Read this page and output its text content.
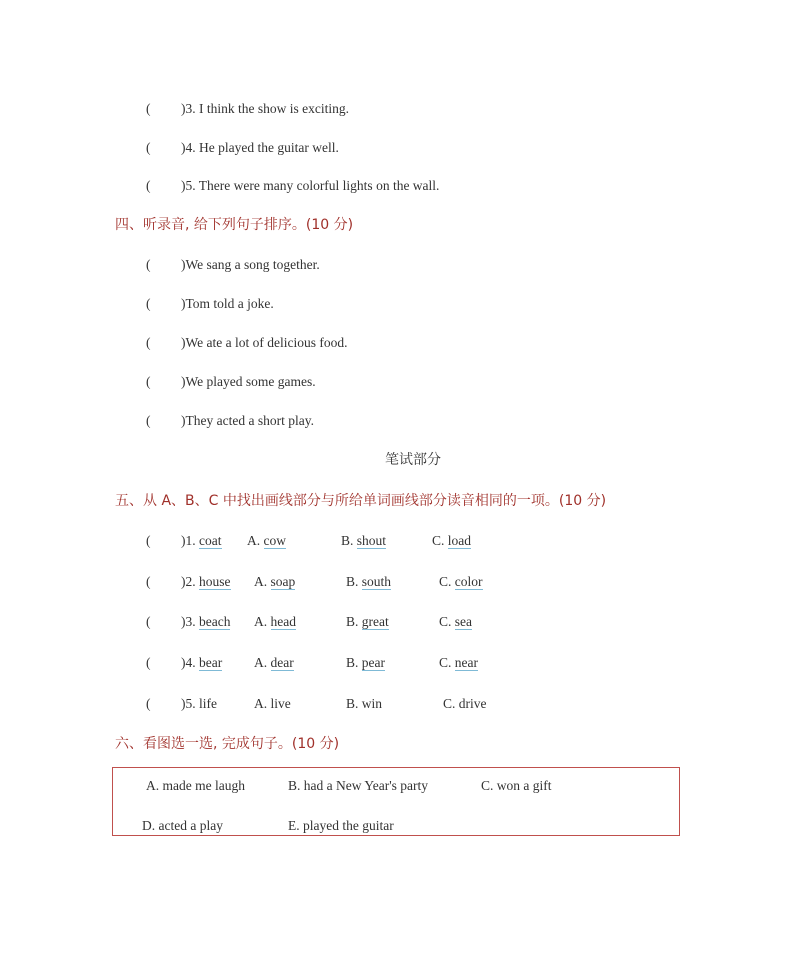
( )3. I think the show is exciting.
( )4. He played the guitar well.
( )5. There were many colorful lights on the wall.
四、听录音, 给下列句子排序。(10 分)
( )We sang a song together.
( )Tom told a joke.
( )We ate a lot of delicious food.
( )We played some games.
( )They acted a short play.
笔试部分
五、从 A、B、C 中找出画线部分与所给单词画线部分读音相同的一项。(10 分)
( )1. coat A. cow	B. shout	C. load
( )2. house A. soap	B. south	C. color
( )3. beach A. head	B. great	C. sea
( )4. bear A. dear	B. pear	C. near
( )5. life	A. live	B. win	C. drive
六、看图选一选, 完成句子。(10 分)
A. made me laugh	B. had a New Year's party	C. won a gift
D. acted a play	E. played the guitar
